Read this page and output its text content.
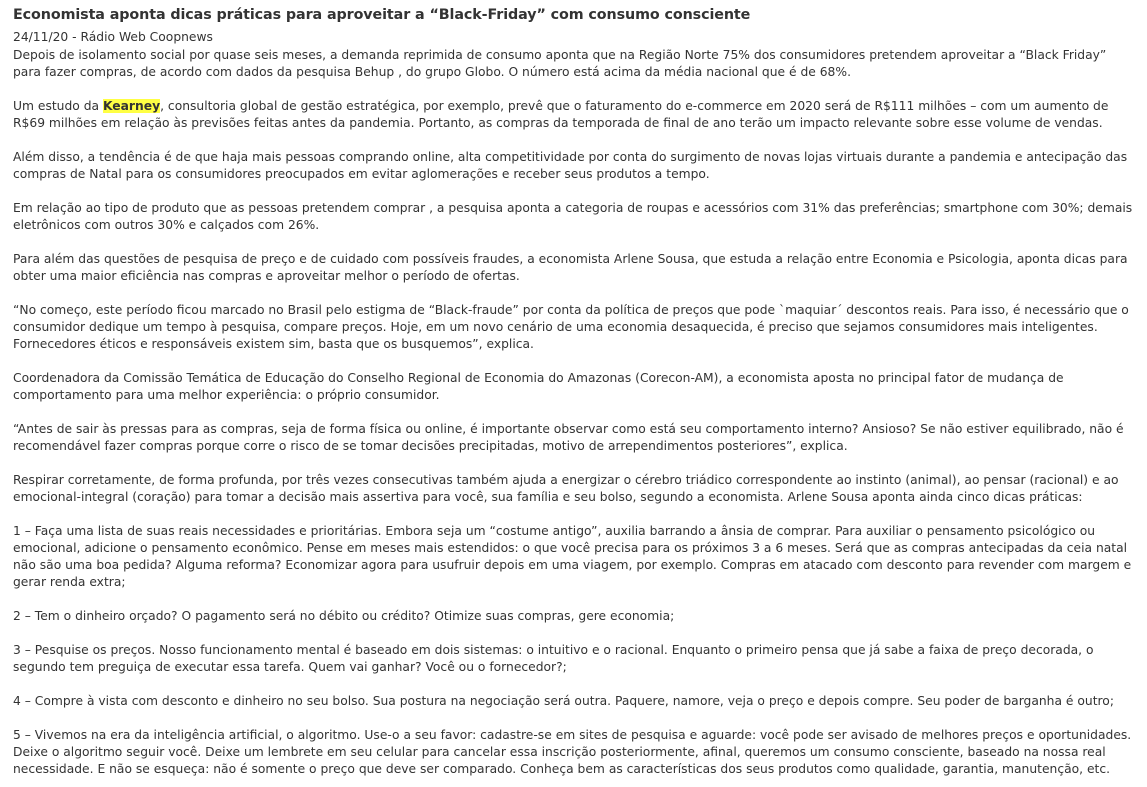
Economista aponta dicas práticas para aproveitar a “Black-Friday” com consumo consciente
24/11/20 - Rádio Web Coopnews

Depois de isolamento social por quase seis meses, a demanda reprimida de consumo aponta que na Região Norte 75% dos consumidores pretendem aproveitar a “Black Friday” para fazer compras, de acordo com dados da pesquisa Behup , do grupo Globo. O número está acima da média nacional que é de 68%.

Um estudo da Kearney, consultoria global de gestão estratégica, por exemplo, prevê que o faturamento do e-commerce em 2020 será de R$111 milhões – com um aumento de R$69 milhões em relação às previsões feitas antes da pandemia. Portanto, as compras da temporada de final de ano terão um impacto relevante sobre esse volume de vendas.

Além disso, a tendência é de que haja mais pessoas comprando online, alta competitividade por conta do surgimento de novas lojas virtuais durante a pandemia e antecipação das compras de Natal para os consumidores preocupados em evitar aglomerações e receber seus produtos a tempo.

Em relação ao tipo de produto que as pessoas pretendem comprar , a pesquisa aponta a categoria de roupas e acessórios com 31% das preferências; smartphone com 30%; demais eletrônicos com outros 30% e calçados com 26%.

Para além das questões de pesquisa de preço e de cuidado com possíveis fraudes, a economista Arlene Sousa, que estuda a relação entre Economia e Psicologia, aponta dicas para obter uma maior eficiência nas compras e aproveitar melhor o período de ofertas.

“No começo, este período ficou marcado no Brasil pelo estigma de “Black-fraude” por conta da política de preços que pode `maquiar´ descontos reais. Para isso, é necessário que o consumidor dedique um tempo à pesquisa, compare preços. Hoje, em um novo cenário de uma economia desaquecida, é preciso que sejamos consumidores mais inteligentes. Fornecedores éticos e responsáveis existem sim, basta que os busquemos”, explica.

Coordenadora da Comissão Temática de Educação do Conselho Regional de Economia do Amazonas (Corecon-AM), a economista aposta no principal fator de mudança de comportamento para uma melhor experiência: o próprio consumidor.

“Antes de sair às pressas para as compras, seja de forma física ou online, é importante observar como está seu comportamento interno? Ansioso? Se não estiver equilibrado, não é recomendável fazer compras porque corre o risco de se tomar decisões precipitadas, motivo de arrependimentos posteriores”, explica.

Respirar corretamente, de forma profunda, por três vezes consecutivas também ajuda a energizar o cérebro triádico correspondente ao instinto (animal), ao pensar (racional) e ao emocional-integral (coração) para tomar a decisão mais assertiva para você, sua família e seu bolso, segundo a economista. Arlene Sousa aponta ainda cinco dicas práticas:

1 – Faça uma lista de suas reais necessidades e prioritárias. Embora seja um “costume antigo”, auxilia barrando a ânsia de comprar. Para auxiliar o pensamento psicológico ou emocional, adicione o pensamento econômico. Pense em meses mais estendidos: o que você precisa para os próximos 3 a 6 meses. Será que as compras antecipadas da ceia natal não são uma boa pedida? Alguma reforma? Economizar agora para usufruir depois em uma viagem, por exemplo. Compras em atacado com desconto para revender com margem e gerar renda extra;

2 – Tem o dinheiro orçado? O pagamento será no débito ou crédito? Otimize suas compras, gere economia;

3 – Pesquise os preços. Nosso funcionamento mental é baseado em dois sistemas: o intuitivo e o racional. Enquanto o primeiro pensa que já sabe a faixa de preço decorada, o segundo tem preguiça de executar essa tarefa. Quem vai ganhar? Você ou o fornecedor?;

4 – Compre à vista com desconto e dinheiro no seu bolso. Sua postura na negociação será outra. Paquere, namore, veja o preço e depois compre. Seu poder de barganha é outro;

5 – Vivemos na era da inteligência artificial, o algoritmo. Use-o a seu favor: cadastre-se em sites de pesquisa e aguarde: você pode ser avisado de melhores preços e oportunidades. Deixe o algoritmo seguir você. Deixe um lembrete em seu celular para cancelar essa inscrição posteriormente, afinal, queremos um consumo consciente, baseado na nossa real necessidade. E não se esqueça: não é somente o preço que deve ser comparado. Conheça bem as características dos seus produtos como qualidade, garantia, manutenção, etc.
